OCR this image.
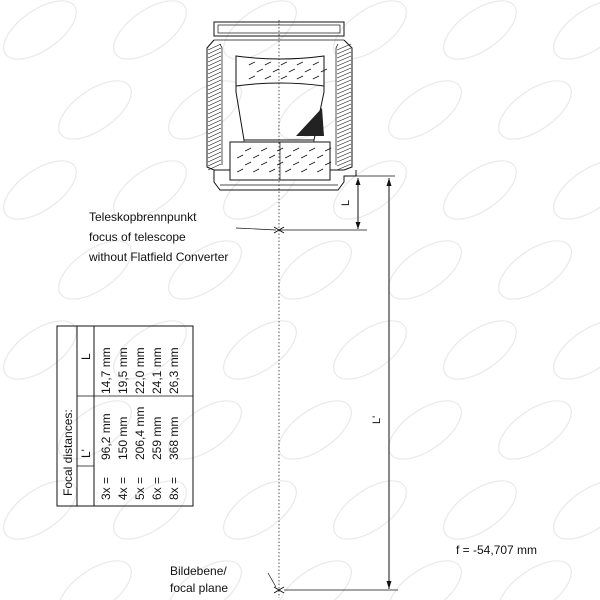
L
L'
Teleskopbrennpunkt
focus of telescope
without Flatfield Converter
Bildebene/
focal plane
f = -54,707 mm
Focal distances: L'
L
3x =
96,2 mm
14,7 mm
4x =
150 mm
19,5 mm
5x =
206,4 mm
22,0 mm
6x =
259 mm
24,1 mm
8x =
368 mm
26,3 mm
